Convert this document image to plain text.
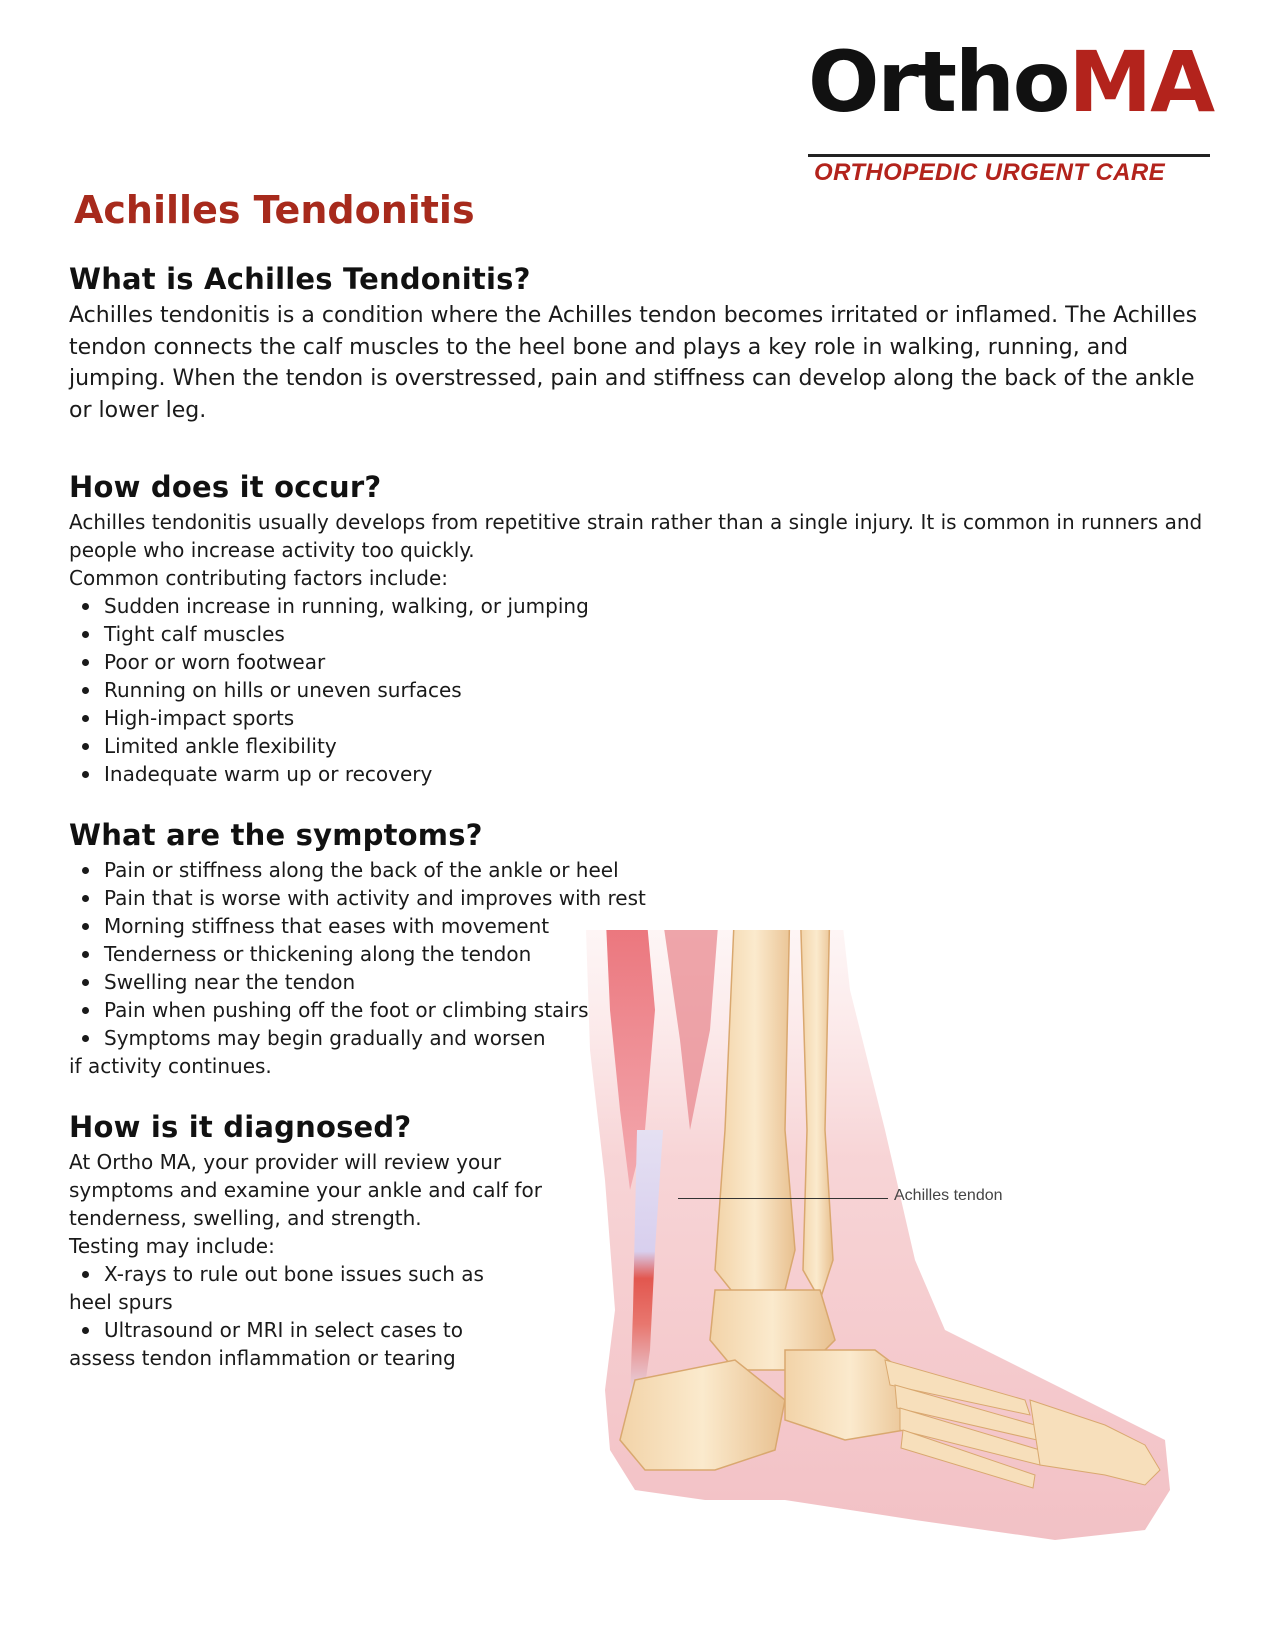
OrthoMA
ORTHOPEDIC URGENT CARE
Achilles Tendonitis
What is Achilles Tendonitis?

Achilles tendonitis is a condition where the Achilles tendon becomes irritated or inflamed. The Achilles tendon connects the calf muscles to the heel bone and plays a key role in walking, running, and jumping. When the tendon is overstressed, pain and stiffness can develop along the back of the ankle or lower leg.

How does it occur?

Achilles tendonitis usually develops from repetitive strain rather than a single injury. It is common in runners and people who increase activity too quickly.

Common contributing factors include:

Sudden increase in running, walking, or jumping
Tight calf muscles
Poor or worn footwear
Running on hills or uneven surfaces
High-impact sports
Limited ankle flexibility
Inadequate warm up or recovery
What are the symptoms?
Pain or stiffness along the back of the ankle or heel
Pain that is worse with activity and improves with rest
Morning stiffness that eases with movement
Tenderness or thickening along the tendon
Swelling near the tendon
Pain when pushing off the foot or climbing stairs
Symptoms may begin gradually and worsen
if activity continues.
How is it diagnosed?

At Ortho MA, your provider will review your symptoms and examine your ankle and calf for tenderness, swelling, and strength.

Testing may include:

X-rays to rule out bone issues such as
heel spurs
Ultrasound or MRI in select cases to
assess tendon inflammation or tearing
Achilles tendon
